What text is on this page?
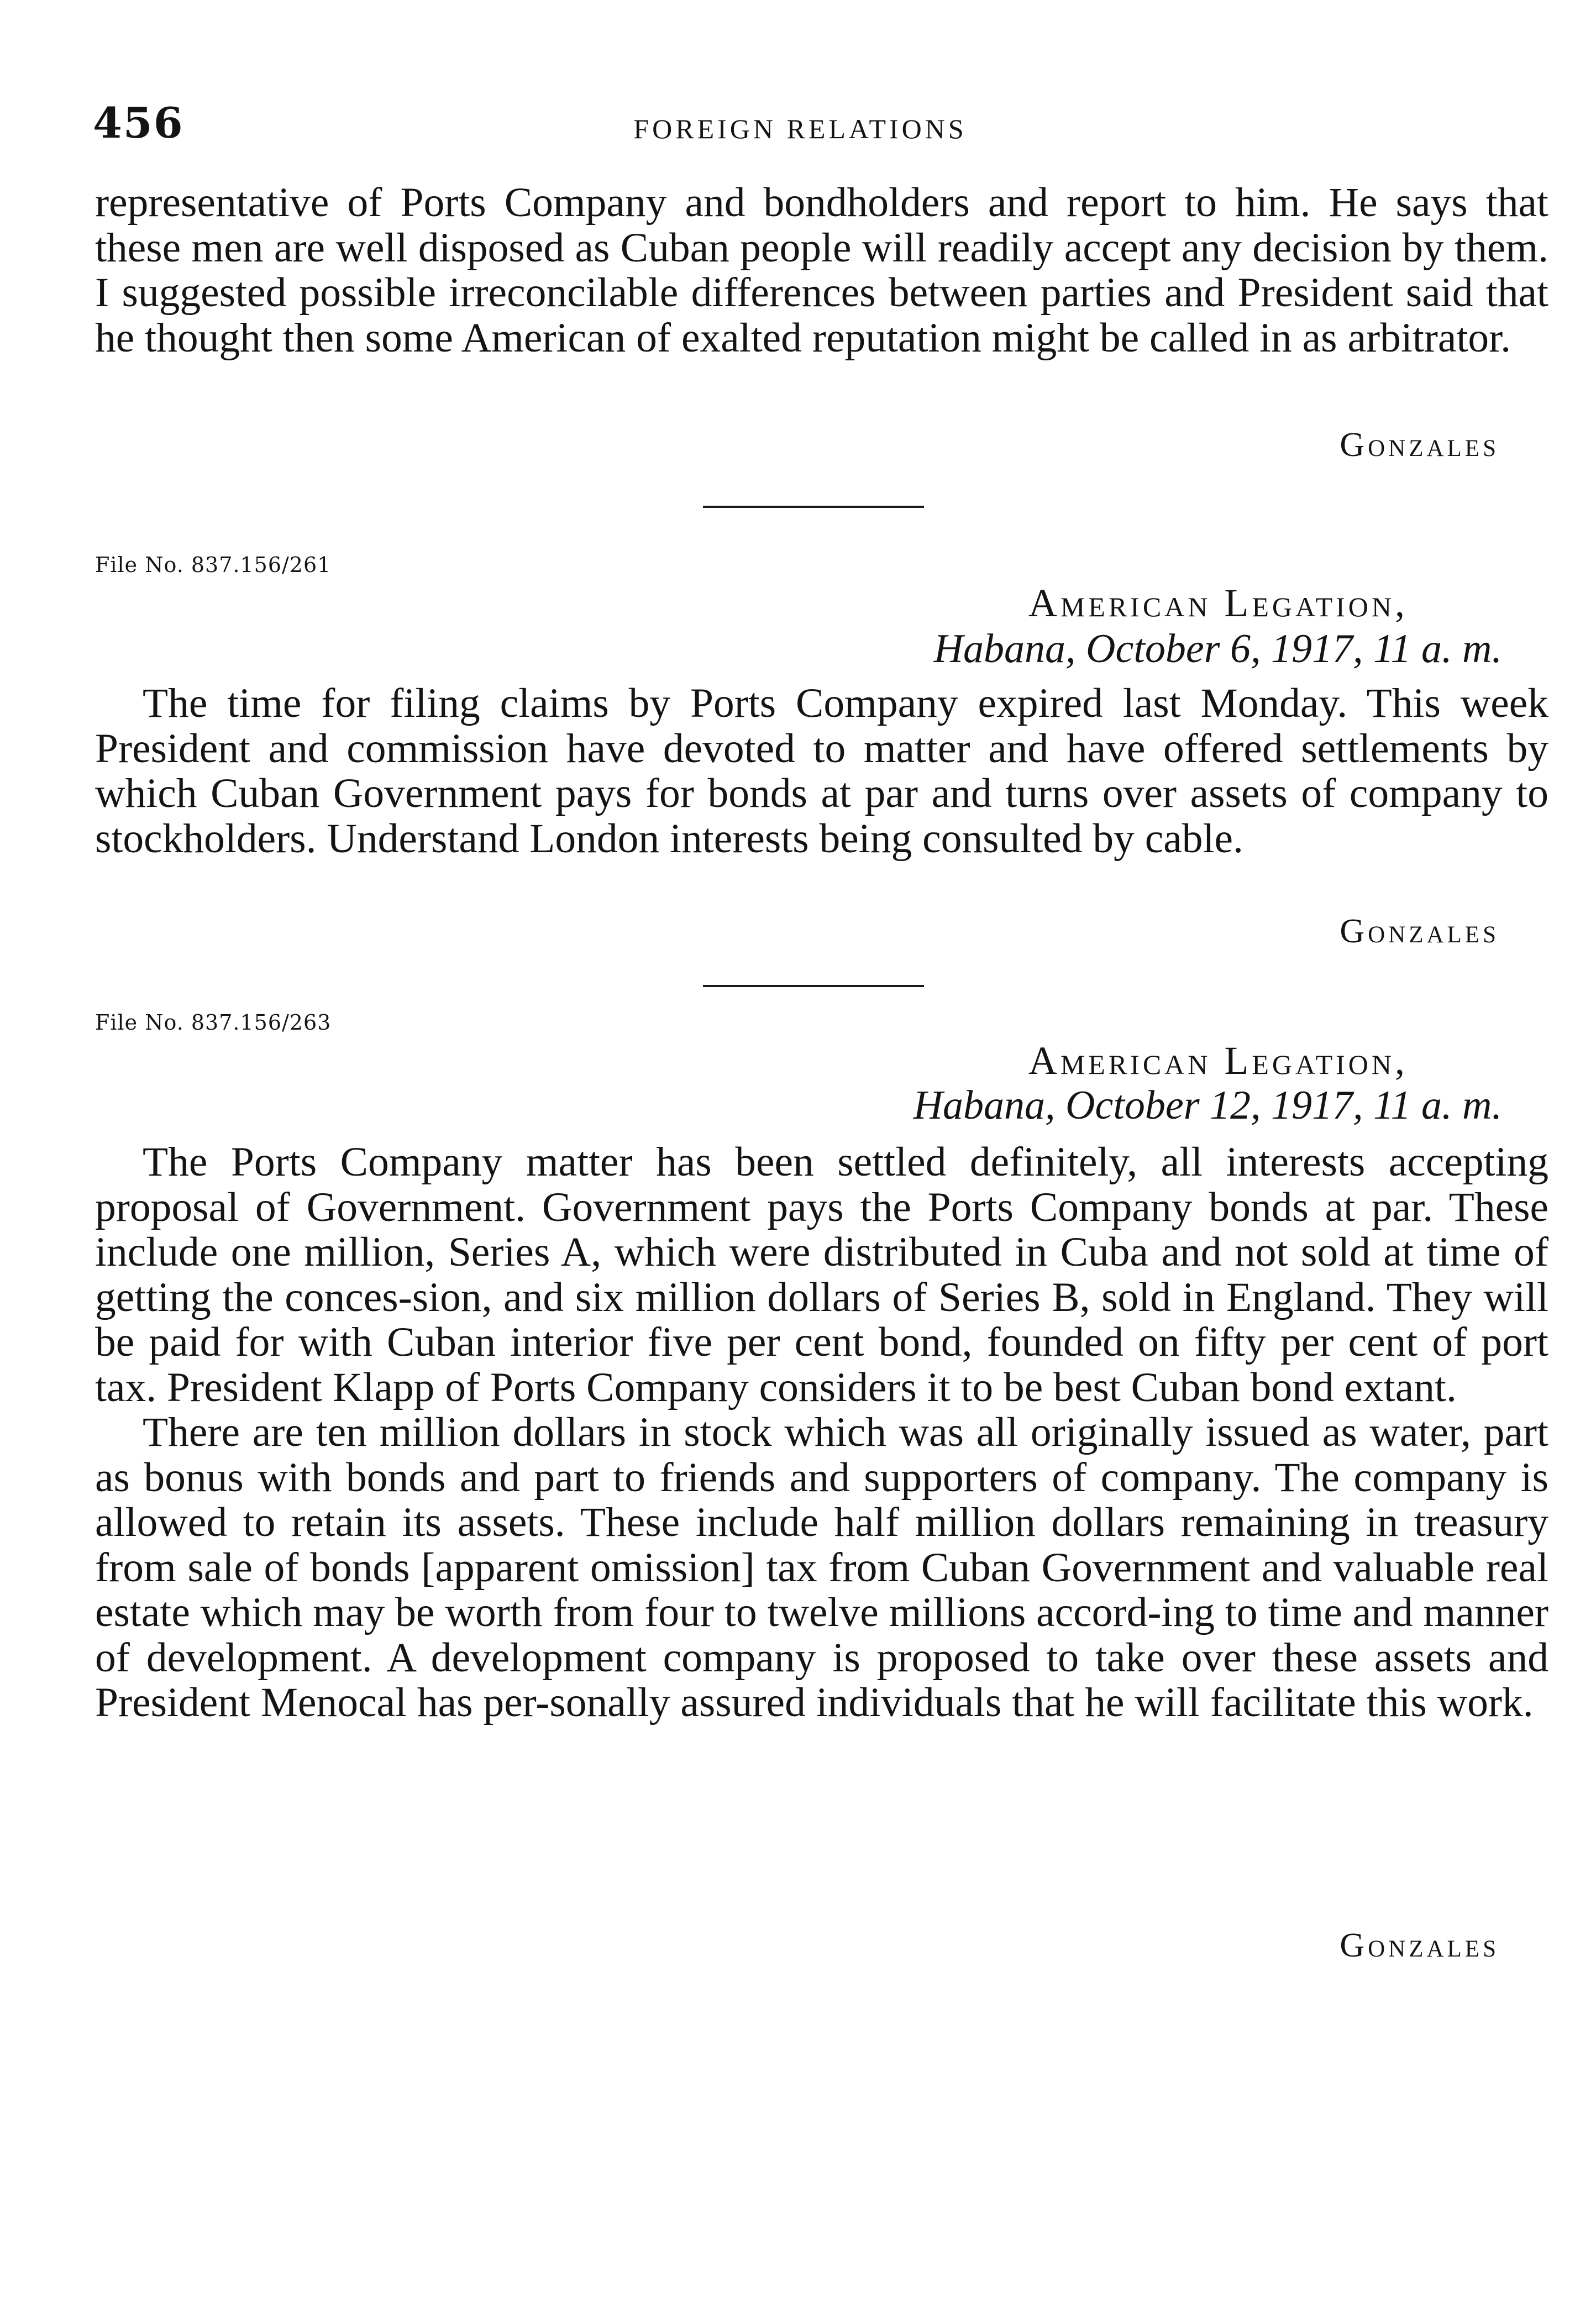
456	FOREIGN RELATIONS

representative of Ports Company and bondholders and report to him. He says that these men are well disposed as Cuban people will readily accept any decision by them. I suggested possible irreconcilable differences between parties and President said that he thought then some American of exalted reputation might be called in as arbitrator.

Gonzales
File No. 837.156/261
American Legation,
Habana, October 6, 1917, 11 a. m.

The time for filing claims by Ports Company expired last Monday. This week President and commission have devoted to matter and have offered settlements by which Cuban Government pays for bonds at par and turns over assets of company to stockholders. Understand London interests being consulted by cable.

Gonzales
File No. 837.156/263
American Legation,
Habana, October 12, 1917, 11 a. m.

The Ports Company matter has been settled definitely, all interests accepting proposal of Government. Government pays the Ports Company bonds at par. These include one million, Series A, which were distributed in Cuba and not sold at time of getting the conces-sion, and six million dollars of Series B, sold in England. They will be paid for with Cuban interior five per cent bond, founded on fifty per cent of port tax. President Klapp of Ports Company considers it to be best Cuban bond extant.

There are ten million dollars in stock which was all originally issued as water, part as bonus with bonds and part to friends and supporters of company. The company is allowed to retain its assets. These include half million dollars remaining in treasury from sale of bonds [apparent omission] tax from Cuban Government and valuable real estate which may be worth from four to twelve millions accord-ing to time and manner of development. A development company is proposed to take over these assets and President Menocal has per-sonally assured individuals that he will facilitate this work.

Gonzales
